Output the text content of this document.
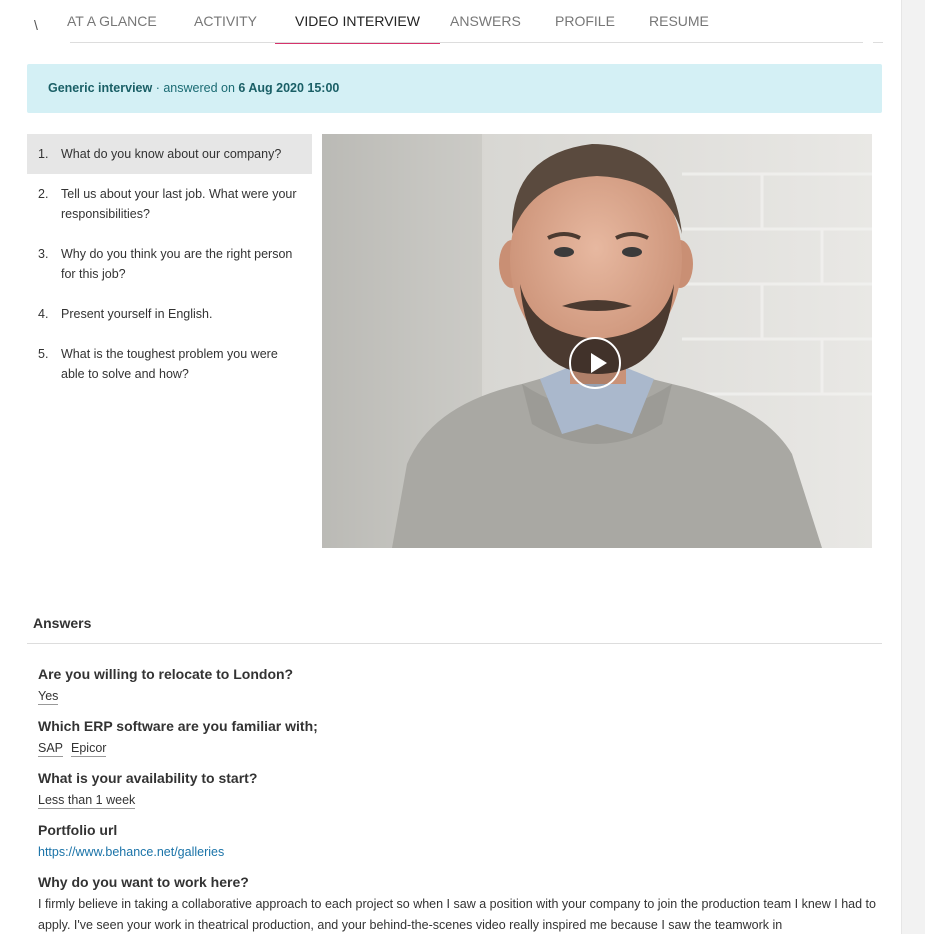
\ AT A GLANCE	ACTIVITY	VIDEO INTERVIEW ANSWERS PROFILE RESUME
Generic interview · answered on 6 Aug 2020 15:00
1.	What do you know about our company?
2.	Tell us about your last job. What were your responsibilities?
3.	Why do you think you are the right person for this job?
4.	Present yourself in English.
5.	What is the toughest problem you were able to solve and how?
Answers

Are you willing to relocate to London?

Yes

Which ERP software are you familiar with;

SAP Epicor

What is your availability to start?

Less than 1 week

Portfolio url

https://www.behance.net/galleries

Why do you want to work here?

I firmly believe in taking a collaborative approach to each project so when I saw a position with your company to join the production team I knew I had to apply. I've seen your work in theatrical production, and your behind-the-scenes video really inspired me because I saw the teamwork in
